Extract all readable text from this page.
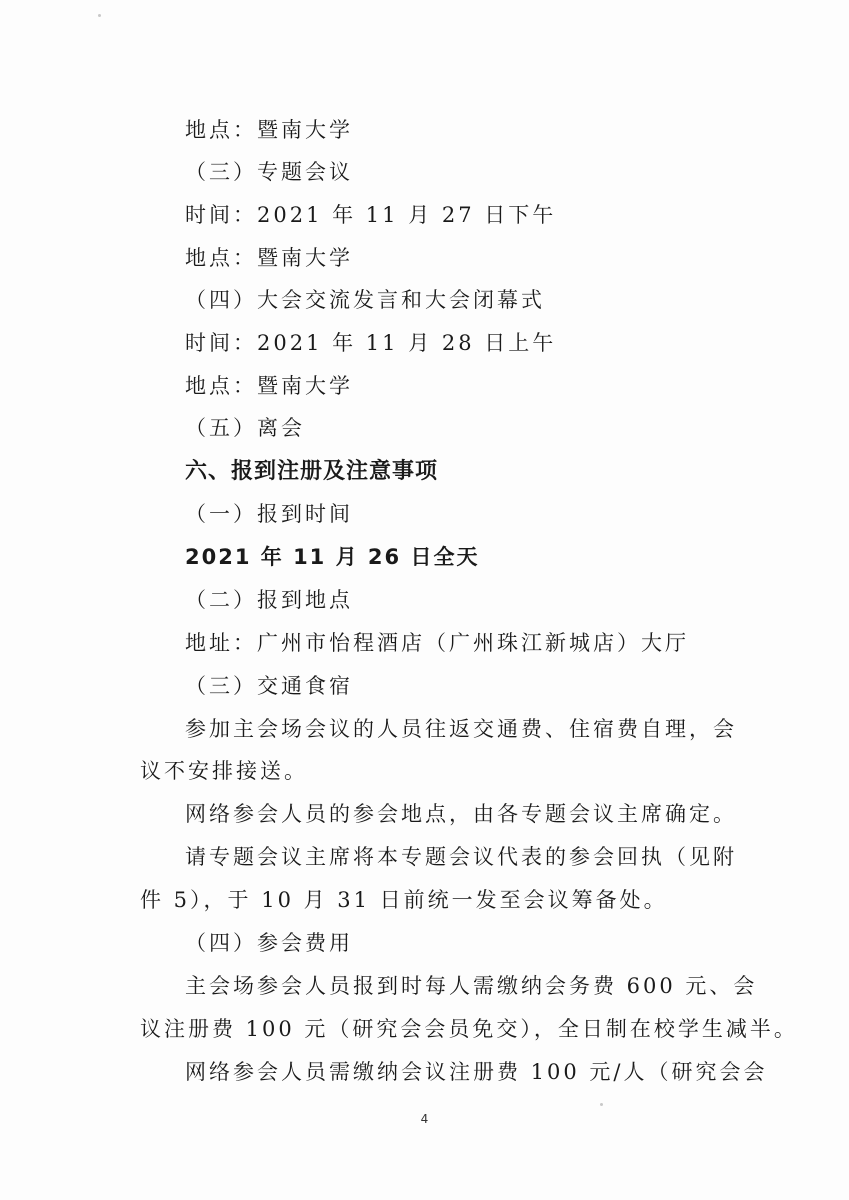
地点：暨南大学
（三）专题会议
时间：2021 年 11 月 27 日下午
地点：暨南大学
（四）大会交流发言和大会闭幕式
时间：2021 年 11 月 28 日上午
地点：暨南大学
（五）离会
六、报到注册及注意事项
（一）报到时间
2021 年 11 月 26 日全天
（二）报到地点
地址：广州市怡程酒店（广州珠江新城店）大厅
（三）交通食宿
参加主会场会议的人员往返交通费、住宿费自理，会
议不安排接送。
网络参会人员的参会地点，由各专题会议主席确定。
请专题会议主席将本专题会议代表的参会回执（见附
件 5），于 10 月 31 日前统一发至会议筹备处。
（四）参会费用
主会场参会人员报到时每人需缴纳会务费 600 元、会
议注册费 100 元（研究会会员免交），全日制在校学生减半。
网络参会人员需缴纳会议注册费 100 元/人（研究会会
4
